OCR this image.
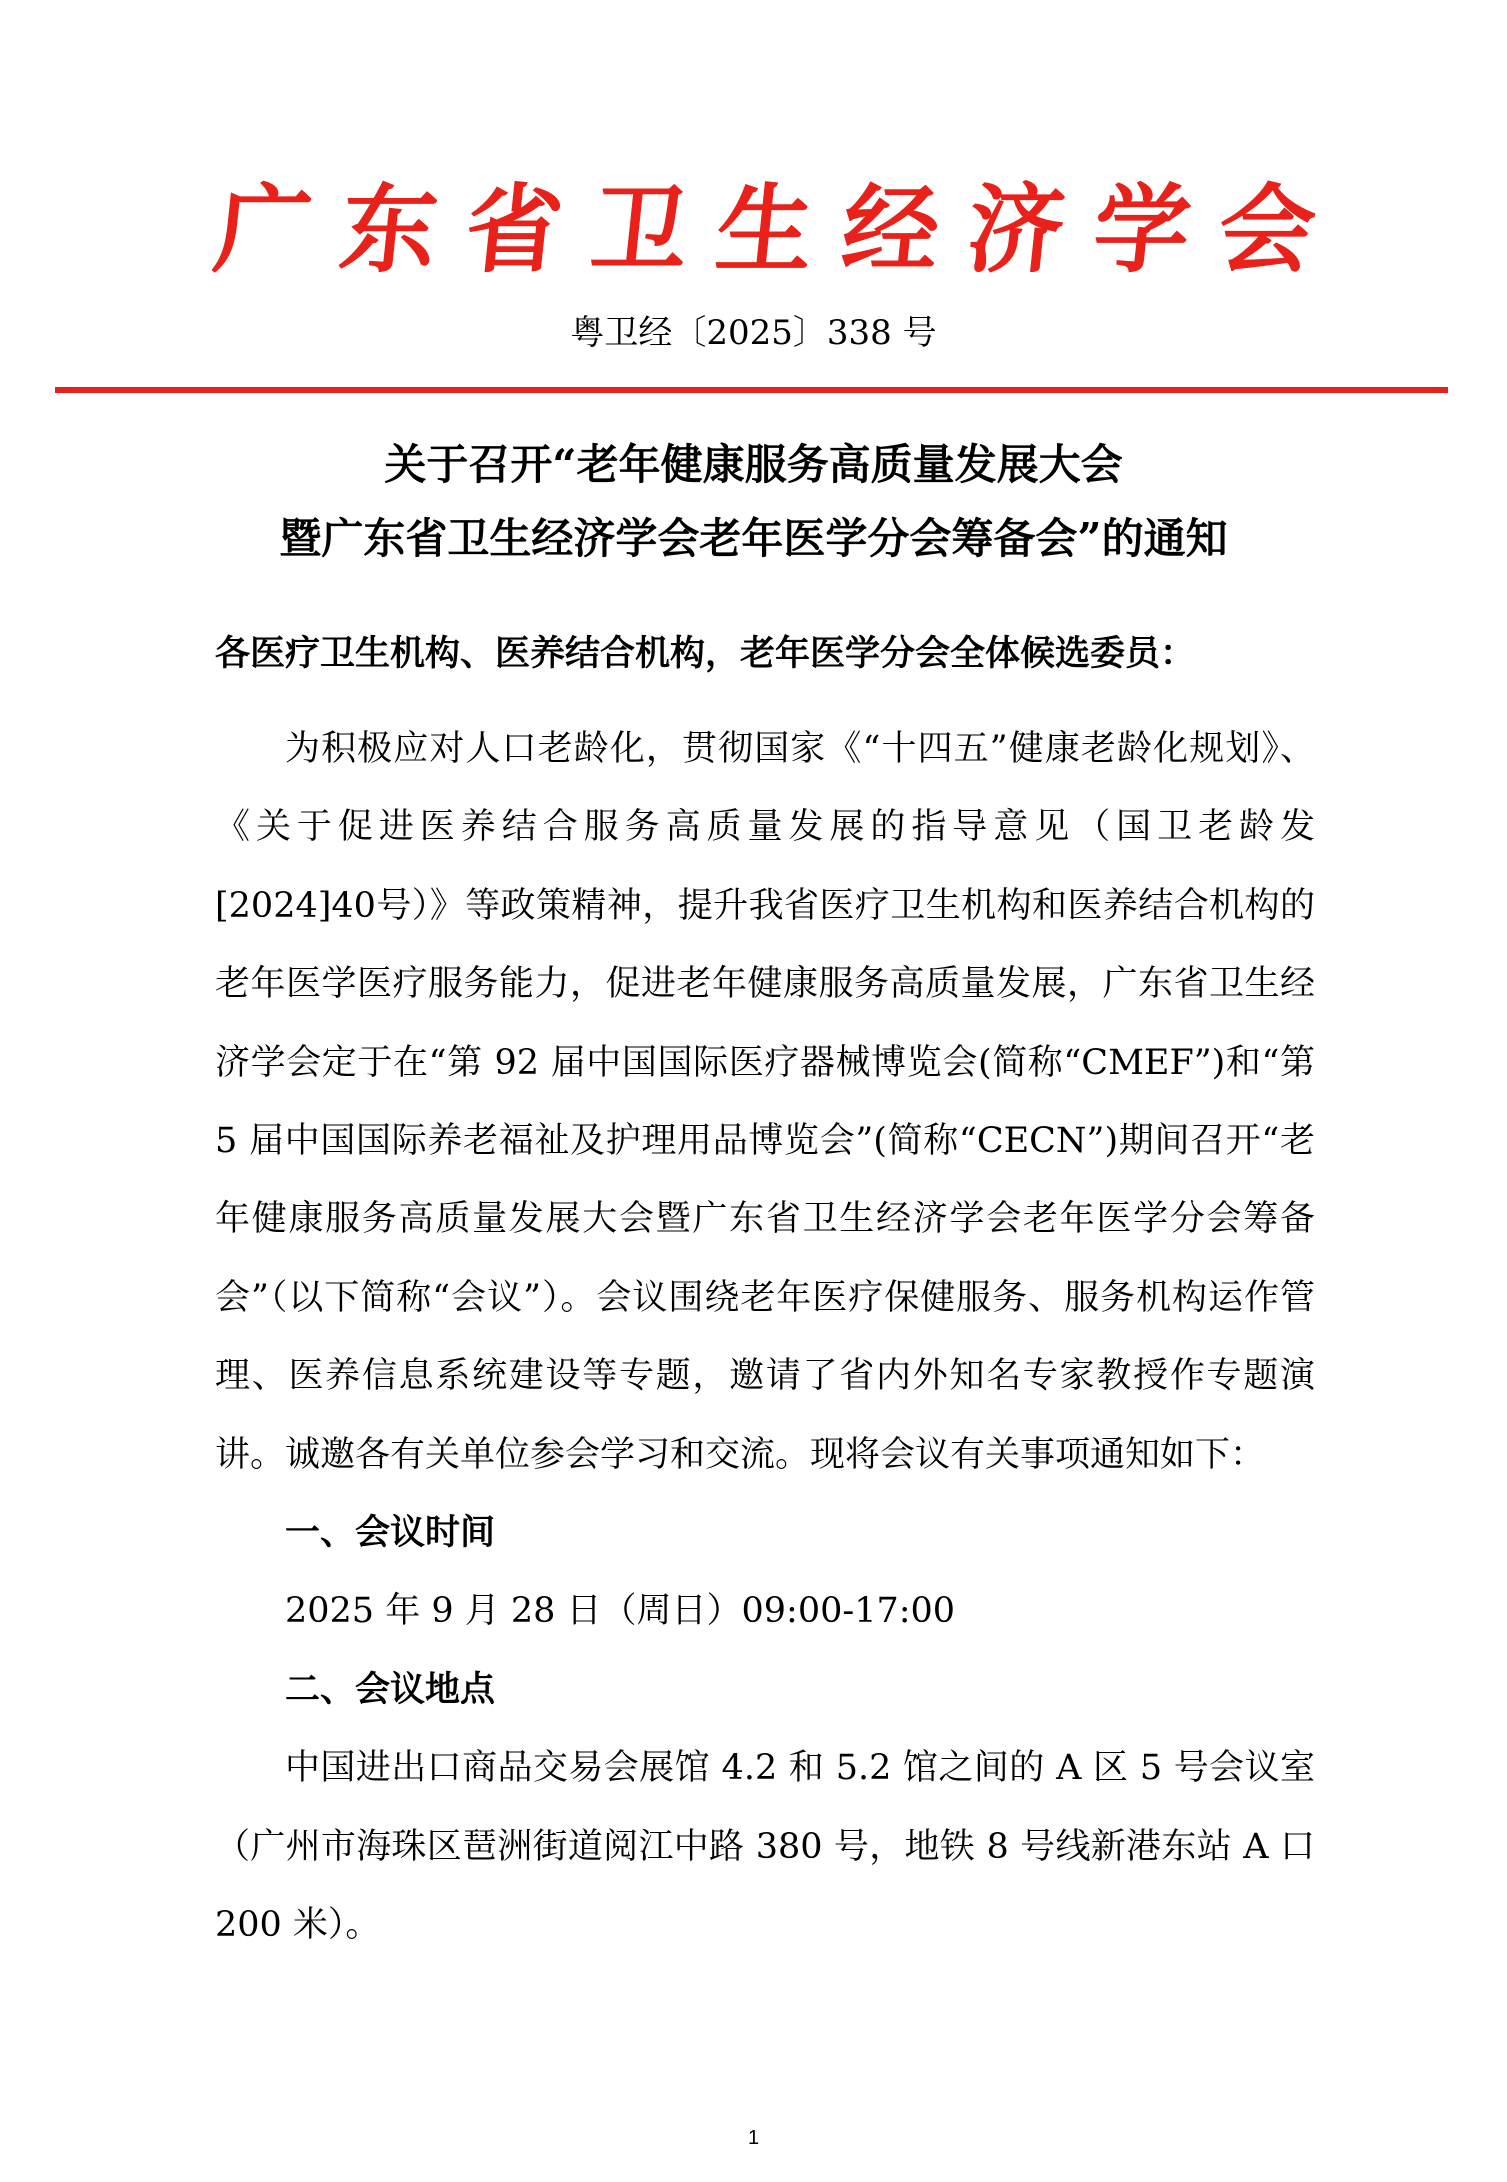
广 东 省 卫 生 经 济 学 会
粤卫经〔2025〕338 号
关于召开“老年健康服务高质量发展大会
暨广东省卫生经济学会老年医学分会筹备会”的通知
各医疗卫生机构、医养结合机构，老年医学分会全体候选委员：

为积极应对人口老龄化，贯彻国家《“十四五”健康老龄化规划》、《关于促进医养结合服务高质量发展的指导意见（国卫老龄发[2024]40号）》等政策精神，提升我省医疗卫生机构和医养结合机构的老年医学医疗服务能力，促进老年健康服务高质量发展，广东省卫生经济学会定于在“第 92 届中国国际医疗器械博览会(简称“CMEF”)和“第 5 届中国国际养老福祉及护理用品博览会”(简称“CECN”)期间召开“老年健康服务高质量发展大会暨广东省卫生经济学会老年医学分会筹备会”（以下简称“会议”）。会议围绕老年医疗保健服务、服务机构运作管理、医养信息系统建设等专题，邀请了省内外知名专家教授作专题演讲。诚邀各有关单位参会学习和交流。现将会议有关事项通知如下：

一、会议时间

2025 年 9 月 28 日（周日）09:00-17:00

二、会议地点

中国进出口商品交易会展馆 4.2 和 5.2 馆之间的 A 区 5 号会议室（广州市海珠区琶洲街道阅江中路 380 号，地铁 8 号线新港东站 A 口 200 米）。

1
